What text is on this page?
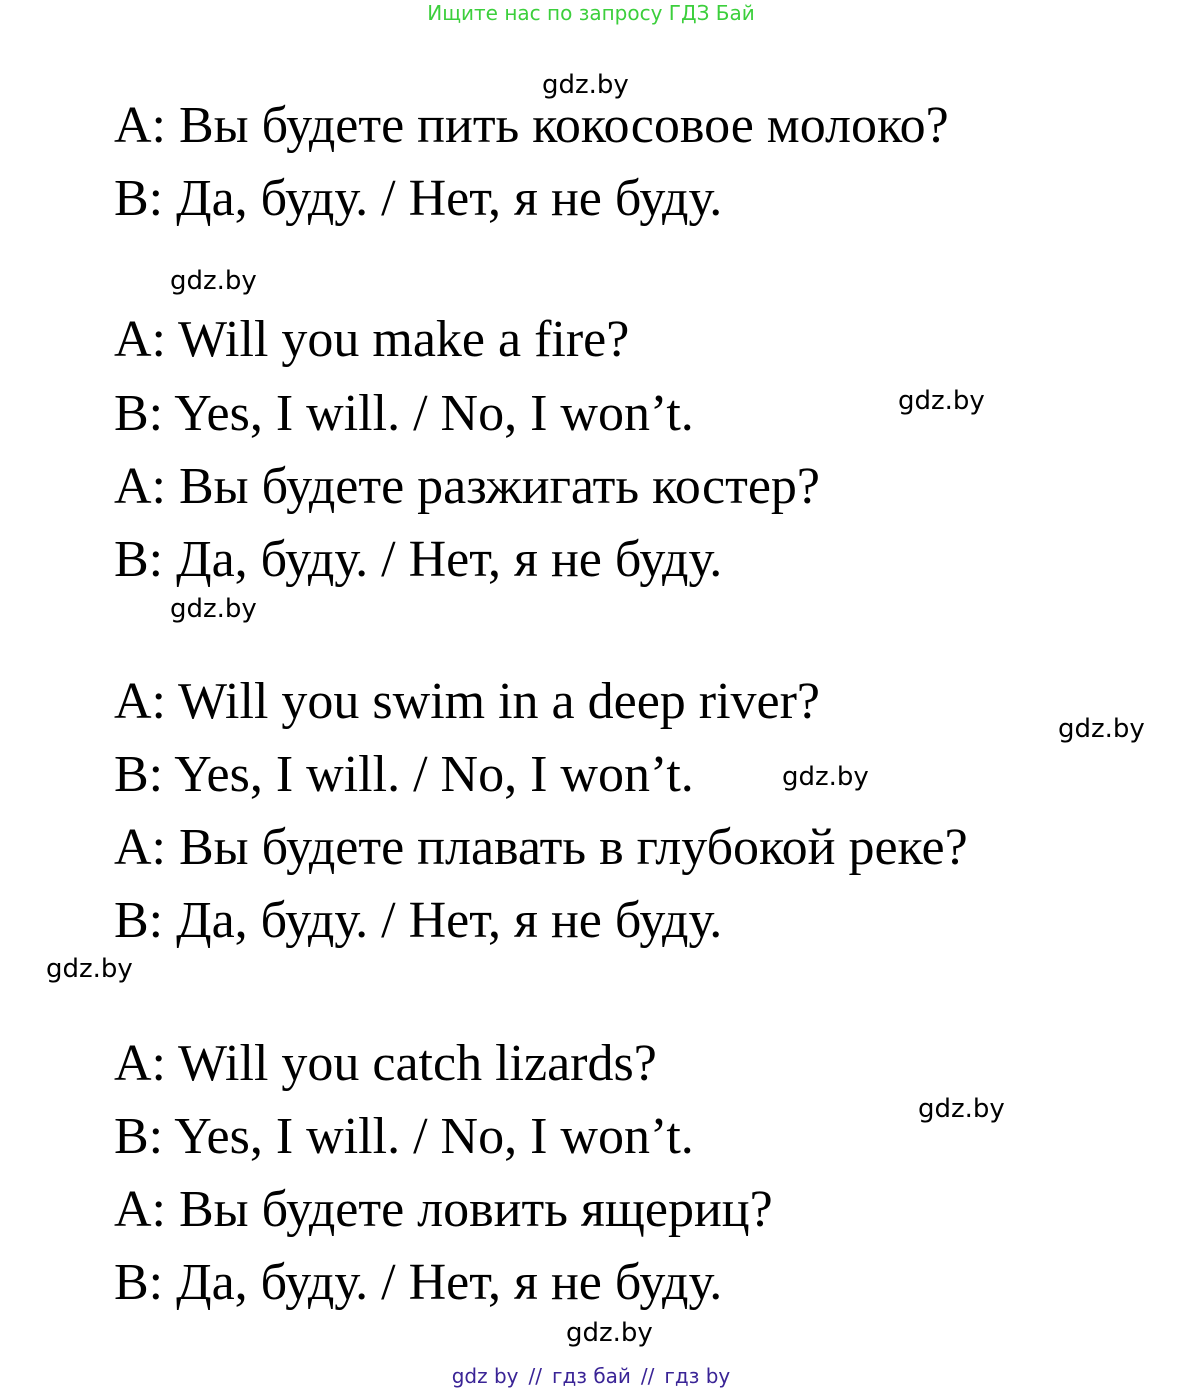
Ищите нас по запросу ГДЗ Бай
gdz.by
gdz.by
gdz.by
gdz.by
gdz.by
gdz.by
gdz.by
gdz.by
gdz.by
A: Вы будете пить кокосовое молоко?
B: Да, буду. / Нет, я не буду.
A: Will you make a fire?
B: Yes, I will. / No, I won’t.
A: Вы будете разжигать костер?
B: Да, буду. / Нет, я не буду.
A: Will you swim in a deep river?
B: Yes, I will. / No, I won’t.
A: Вы будете плавать в глубокой реке?
B: Да, буду. / Нет, я не буду.
A: Will you catch lizards?
B: Yes, I will. / No, I won’t.
A: Вы будете ловить ящериц?
B: Да, буду. / Нет, я не буду.
gdz by // гдз бай // гдз by
